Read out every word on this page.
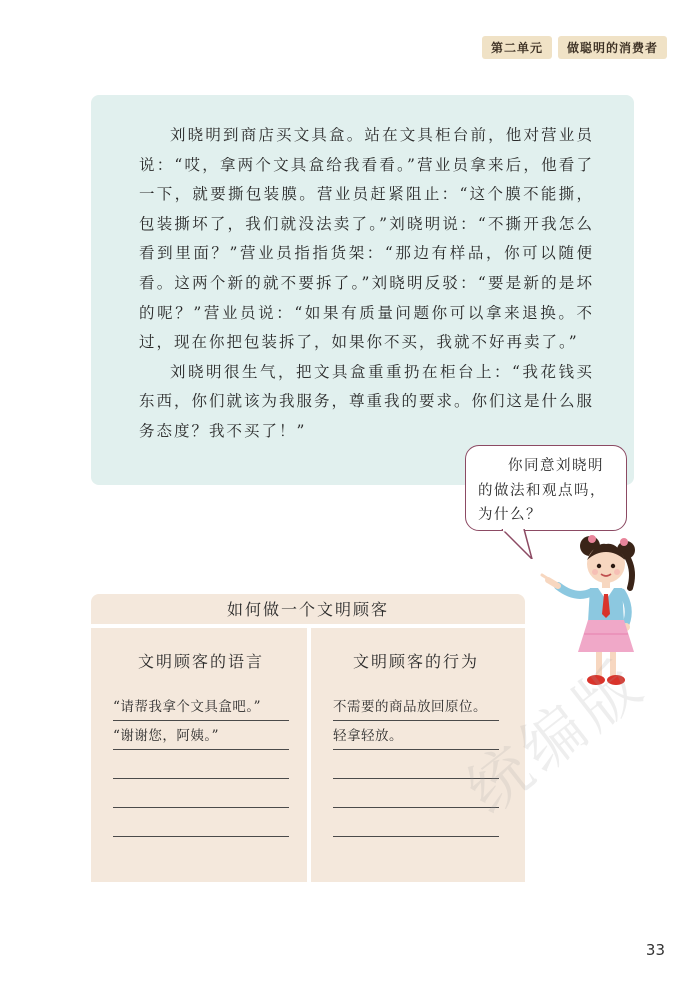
第二单元	做聪明的消费者

刘晓明到商店买文具盒。站在文具柜台前，他对营业员说：“哎，拿两个文具盒给我看看。”营业员拿来后，他看了一下，就要撕包装膜。营业员赶紧阻止：“这个膜不能撕，包装撕坏了，我们就没法卖了。”刘晓明说：“不撕开我怎么看到里面？”营业员指指货架：“那边有样品，你可以随便看。这两个新的就不要拆了。”刘晓明反驳：“要是新的是坏的呢？”营业员说：“如果有质量问题你可以拿来退换。不过，现在你把包装拆了，如果你不买，我就不好再卖了。”

刘晓明很生气，把文具盒重重扔在柜台上：“我花钱买东西，你们就该为我服务，尊重我的要求。你们这是什么服务态度？我不买了！”

你同意刘晓明的做法和观点吗，为什么？

如何做一个文明顾客
文明顾客的语言
“请帮我拿个文具盒吧。”
“谢谢您，阿姨。”
文明顾客的行为
不需要的商品放回原位。
轻拿轻放。 统编版
33
